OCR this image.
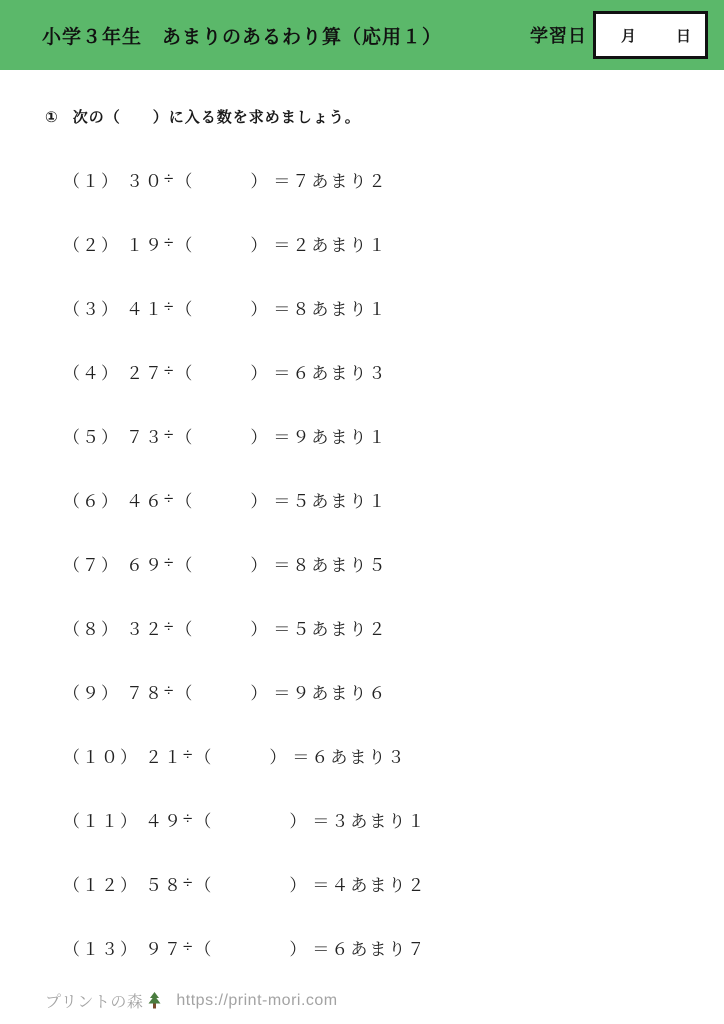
小学３年生　あまりのあるわり算（応用１）	学習日 月	日
① 次の（　　）に入る数を求めましょう。
（１） ３０ ÷ （	） ＝ ７ あまり ２
（２） １９ ÷ （	） ＝ ２ あまり １
（３） ４１ ÷ （	） ＝ ８ あまり １
（４） ２７ ÷ （	） ＝ ６ あまり ３
（５） ７３ ÷ （	） ＝ ９ あまり １
（６） ４６ ÷ （	） ＝ ５ あまり １
（７） ６９ ÷ （	） ＝ ８ あまり ５
（８） ３２ ÷ （	） ＝ ５ あまり ２
（９） ７８ ÷ （	） ＝ ９ あまり ６
（１０） ２１ ÷ （	） ＝ ６ あまり ３
（１１） ４９ ÷ （	） ＝ ３ あまり １
（１２） ５８ ÷ （	） ＝ ４ あまり ２
（１３） ９７ ÷ （	） ＝ ６ あまり ７
プリントの森 https://print-mori.com
